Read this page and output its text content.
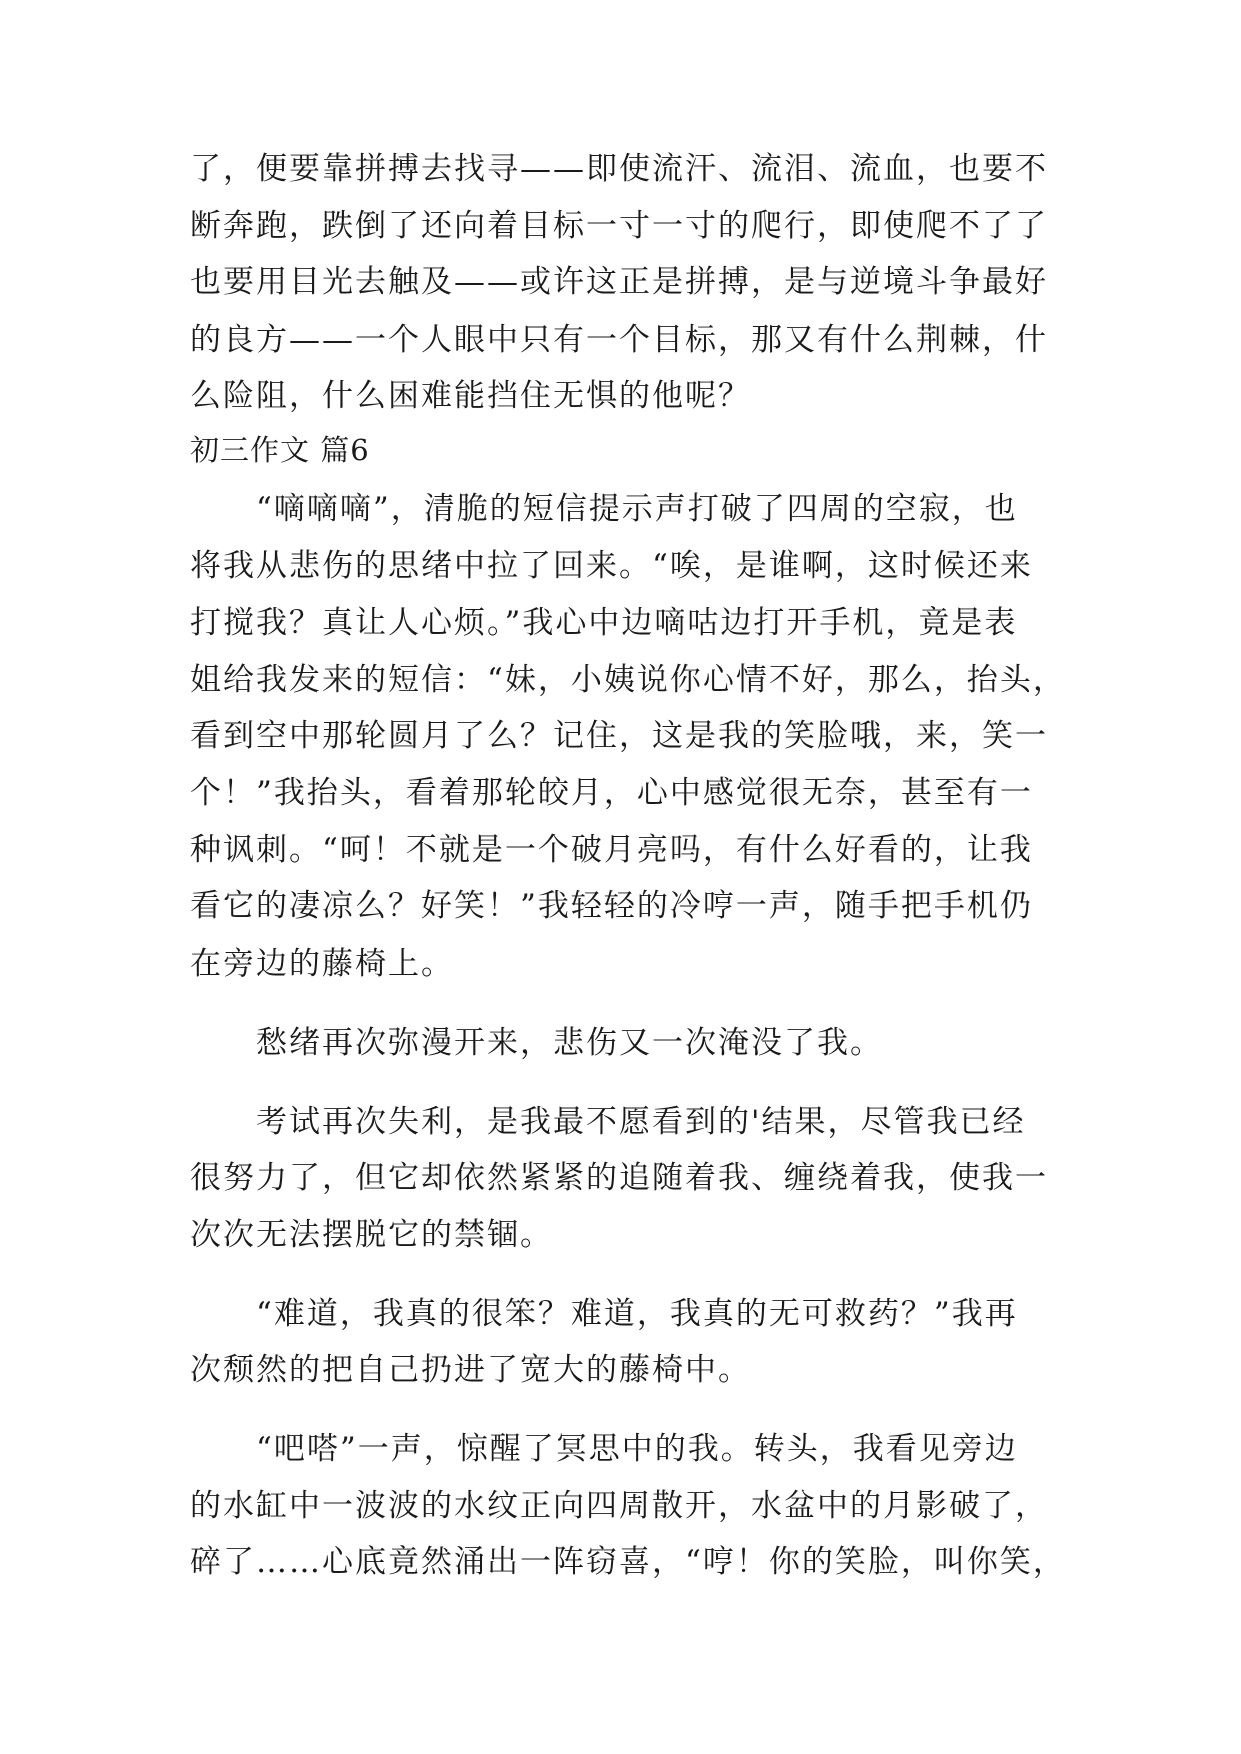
了，便要靠拼搏去找寻——即使流汗、流泪、流血，也要不
断奔跑，跌倒了还向着目标一寸一寸的爬行，即使爬不了了
也要用目光去触及——或许这正是拼搏，是与逆境斗争最好
的良方——一个人眼中只有一个目标，那又有什么荆棘，什
么险阻，什么困难能挡住无惧的他呢？
初三作文 篇6
　　“嘀嘀嘀”，清脆的短信提示声打破了四周的空寂，也
将我从悲伤的思绪中拉了回来。“唉，是谁啊，这时候还来
打搅我？真让人心烦。”我心中边嘀咕边打开手机，竟是表
姐给我发来的短信：“妹，小姨说你心情不好，那么，抬头，
看到空中那轮圆月了么？记住，这是我的笑脸哦，来，笑一
个！”我抬头，看着那轮皎月，心中感觉很无奈，甚至有一
种讽刺。“呵！不就是一个破月亮吗，有什么好看的，让我
看它的凄凉么？好笑！”我轻轻的冷哼一声，随手把手机仍
在旁边的藤椅上。
　　愁绪再次弥漫开来，悲伤又一次淹没了我。
　　考试再次失利，是我最不愿看到的'结果，尽管我已经
很努力了，但它却依然紧紧的追随着我、缠绕着我，使我一
次次无法摆脱它的禁锢。
　　“难道，我真的很笨？难道，我真的无可救药？”我再
次颓然的把自己扔进了宽大的藤椅中。
　　“吧嗒”一声，惊醒了冥思中的我。转头，我看见旁边
的水缸中一波波的水纹正向四周散开，水盆中的月影破了，
碎了……心底竟然涌出一阵窃喜，“哼！你的笑脸，叫你笑，
